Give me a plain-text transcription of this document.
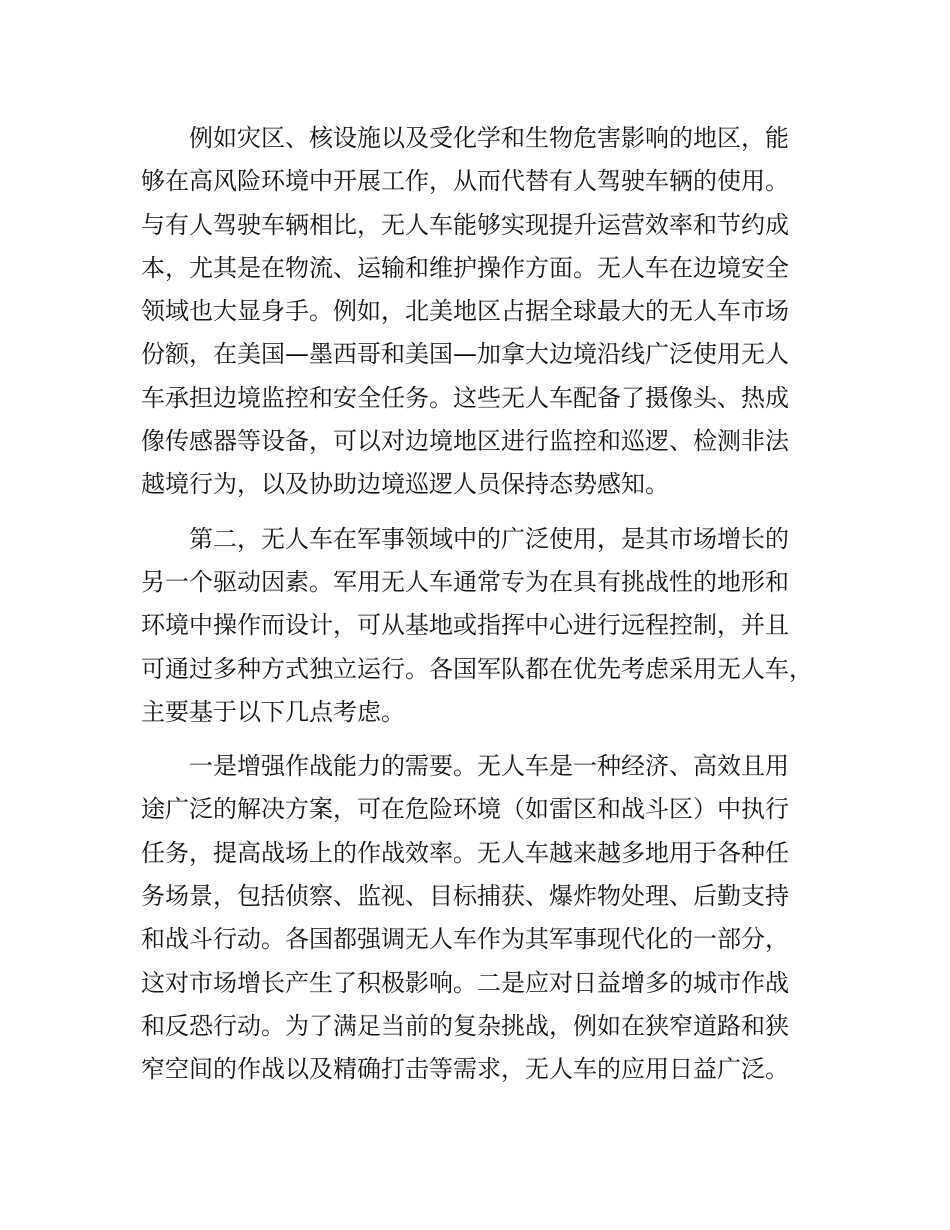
例如灾区、核设施以及受化学和生物危害影响的地区，能
够在高风险环境中开展工作，从而代替有人驾驶车辆的使用。
与有人驾驶车辆相比，无人车能够实现提升运营效率和节约成
本，尤其是在物流、运输和维护操作方面。无人车在边境安全
领域也大显身手。例如，北美地区占据全球最大的无人车市场
份额，在美国—墨西哥和美国—加拿大边境沿线广泛使用无人
车承担边境监控和安全任务。这些无人车配备了摄像头、热成
像传感器等设备，可以对边境地区进行监控和巡逻、检测非法
越境行为，以及协助边境巡逻人员保持态势感知。

第二，无人车在军事领域中的广泛使用，是其市场增长的
另一个驱动因素。军用无人车通常专为在具有挑战性的地形和
环境中操作而设计，可从基地或指挥中心进行远程控制，并且
可通过多种方式独立运行。各国军队都在优先考虑采用无人车，
主要基于以下几点考虑。

一是增强作战能力的需要。无人车是一种经济、高效且用
途广泛的解决方案，可在危险环境（如雷区和战斗区）中执行
任务，提高战场上的作战效率。无人车越来越多地用于各种任
务场景，包括侦察、监视、目标捕获、爆炸物处理、后勤支持
和战斗行动。各国都强调无人车作为其军事现代化的一部分，
这对市场增长产生了积极影响。二是应对日益增多的城市作战
和反恐行动。为了满足当前的复杂挑战，例如在狭窄道路和狭
窄空间的作战以及精确打击等需求，无人车的应用日益广泛。
